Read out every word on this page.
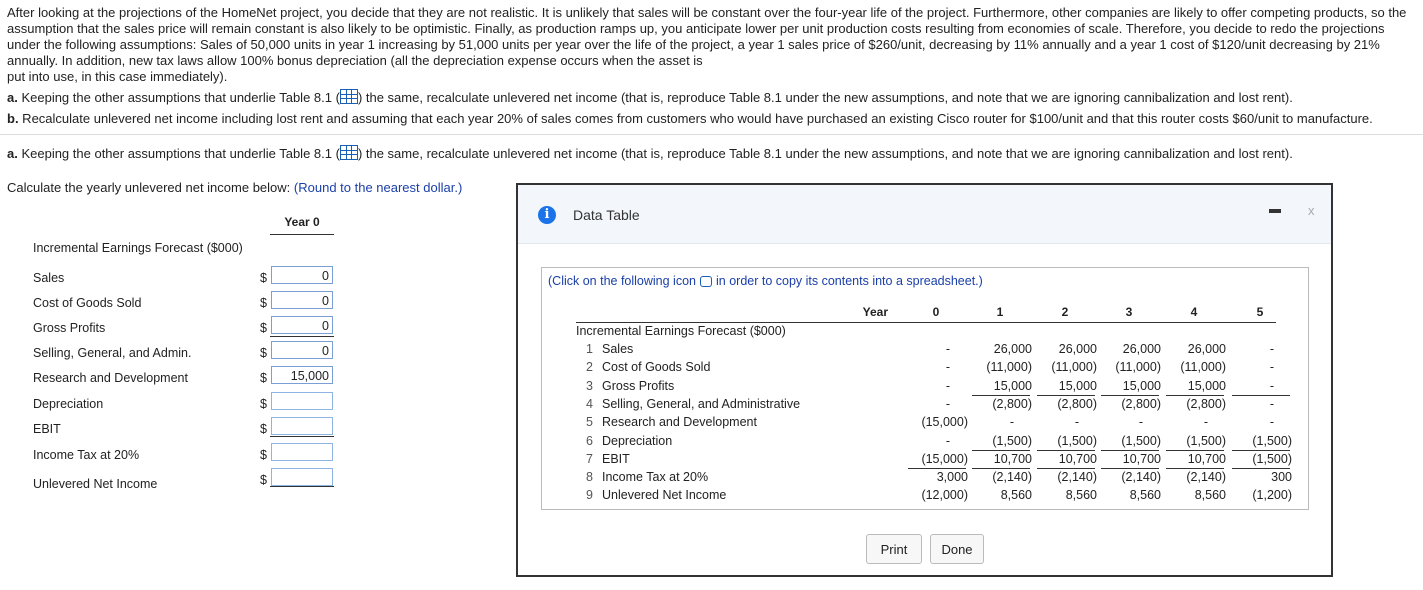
After looking at the projections of the HomeNet project, you decide that they are not realistic. It is unlikely that sales will be constant over the four-year life of the project. Furthermore, other companies are likely to offer competing products, so the assumption that the sales price will remain constant is also likely to be optimistic. Finally, as production ramps up, you anticipate lower per unit production costs resulting from economies of scale. Therefore, you decide to redo the projections under the following assumptions: Sales of 50,000 units in year 1 increasing by 51,000 units per year over the life of the project, a year 1 sales price of $260/unit, decreasing by 11% annually and a year 1 cost of $120/unit decreasing by 21% annually. In addition, new tax laws allow 100% bonus depreciation (all the depreciation expense occurs when the asset is
put into use, in this case immediately).

a. Keeping the other assumptions that underlie Table 8.1 ( ) the same, recalculate unlevered net income (that is, reproduce Table 8.1 under the new assumptions, and note that we are ignoring cannibalization and lost rent).
b. Recalculate unlevered net income including lost rent and assuming that each year 20% of sales comes from customers who would have purchased an existing Cisco router for $100/unit and that this router costs $60/unit to manufacture.
a. Keeping the other assumptions that underlie Table 8.1 ( ) the same, recalculate unlevered net income (that is, reproduce Table 8.1 under the new assumptions, and note that we are ignoring cannibalization and lost rent).
Calculate the yearly unlevered net income below: (Round to the nearest dollar.)
Year 0
Incremental Earnings Forecast ($000)
Sales	$	0
Cost of Goods Sold	$	0
Gross Profits	$	0
Selling, General, and Admin.	$	0
Research and Development	$	15,000
Depreciation	$
EBIT	$
Income Tax at 20%	$
Unlevered Net Income	$
i	Data Table	x
(Click on the following icon in order to copy its contents into a spreadsheet.)
Year	0	1	2	3	4	5
Incremental Earnings Forecast ($000)
1 Sales	-	26,000	26,000	26,000	26,000	-
2 Cost of Goods Sold	-	(11,000)	(11,000)	(11,000)	(11,000)	-
3 Gross Profits	-	15,000	15,000	15,000	15,000	-
4 Selling, General, and Administrative	-	(2,800)	(2,800)	(2,800)	(2,800)	-
5 Research and Development	(15,000)	-	-	-	-	-
6 Depreciation	-	(1,500)	(1,500)	(1,500)	(1,500)	(1,500)
7 EBIT	(15,000)	10,700	10,700	10,700	10,700	(1,500)
8 Income Tax at 20%	3,000	(2,140)	(2,140)	(2,140)	(2,140)	300
9 Unlevered Net Income	(12,000)	8,560	8,560	8,560	8,560	(1,200)
Print	Done
